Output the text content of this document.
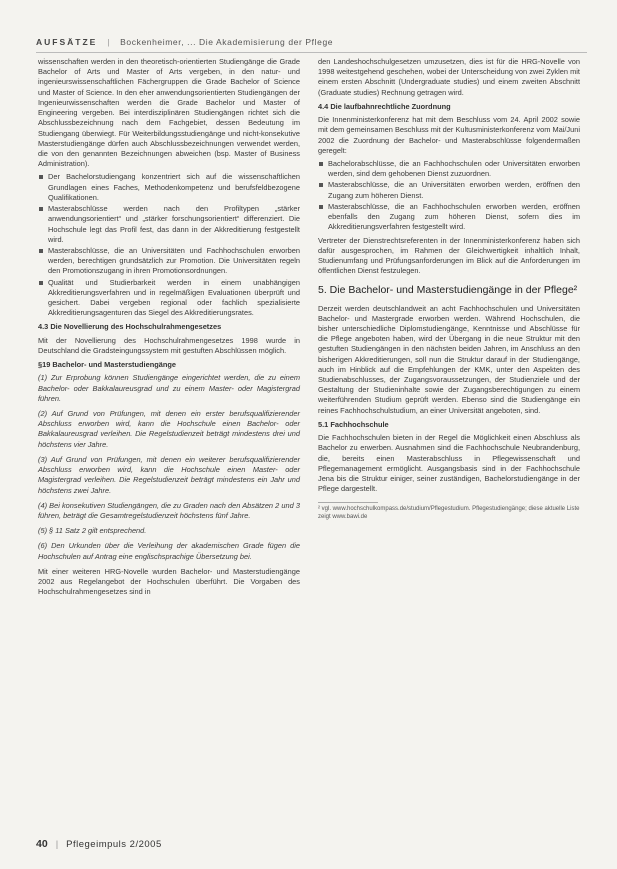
AUFSÄTZE | Bockenheimer, ... Die Akademisierung der Pflege

wissenschaften werden in den theoretisch-orientierten Studiengänge die Grade Bachelor of Arts und Master of Arts vergeben, in den natur- und ingenieurswissenschaftlichen Fächergruppen die Grade Bachelor of Science und Master of Science. In den eher anwendungsorientierten Studiengängen der Ingenieurwissenschaften werden die Grade Bachelor und Master of Engineering vergeben. Bei interdisziplinären Studiengängen richtet sich die Abschlussbezeichnung nach dem Fachgebiet, dessen Bedeutung im Studiengang überwiegt. Für Weiterbildungsstudiengänge und nicht-konsekutive Masterstudiengänge dürfen auch Abschlussbezeichnungen verwendet werden, die von den genannten Bezeichnungen abweichen (bsp. Master of Business Administration).

Der Bachelorstudiengang konzentriert sich auf die wissenschaftlichen Grundlagen eines Faches, Methodenkompetenz und berufsfeldbezogene Qualifikationen.
Masterabschlüsse werden nach den Profiltypen „stärker anwendungsorientiert“ und „stärker forschungsorientiert“ differenziert. Die Hochschule legt das Profil fest, das dann in der Akkreditierung festgestellt wird.
Masterabschlüsse, die an Universitäten und Fachhochschulen erworben werden, berechtigen grundsätzlich zur Promotion. Die Universitäten regeln den Promotionszugang in ihren Promotionsordnungen.
Qualität und Studierbarkeit werden in einem unabhängigen Akkreditierungsverfahren und in regelmäßigen Evaluationen überprüft und gesichert. Dabei vergeben regional oder fachlich spezialisierte Akkreditierungsagenturen das Siegel des Akkreditierungsrates.
4.3 Die Novellierung des Hochschulrahmengesetzes

Mit der Novellierung des Hochschulrahmengesetzes 1998 wurde in Deutschland die Gradsteingungssystem mit gestuften Abschlüssen möglich.

§19 Bachelor- und Masterstudiengänge

(1) Zur Erprobung können Studiengänge eingerichtet werden, die zu einem Bachelor- oder Bakkalaureusgrad und zu einem Master- oder Magistergrad führen.

(2) Auf Grund von Prüfungen, mit denen ein erster berufsqualifizierender Abschluss erworben wird, kann die Hochschule einen Bachelor- oder Bakkalaureusgrad verleihen. Die Regelstudienzeit beträgt mindestens drei und höchstens vier Jahre.

(3) Auf Grund von Prüfungen, mit denen ein weiterer berufsqualifizierender Abschluss erworben wird, kann die Hochschule einen Master- oder Magistergrad verleihen. Die Regelstudienzeit beträgt mindestens ein Jahr und höchstens zwei Jahre.

(4) Bei konsekutiven Studiengängen, die zu Graden nach den Absätzen 2 und 3 führen, beträgt die Gesamtregelstudienzeit höchstens fünf Jahre.

(5) § 11 Satz 2 gilt entsprechend.

(6) Den Urkunden über die Verleihung der akademischen Grade fügen die Hochschulen auf Antrag eine englischsprachige Übersetzung bei.

Mit einer weiteren HRG-Novelle wurden Bachelor- und Masterstudiengänge 2002 aus Regelangebot der Hochschulen überführt. Die Vorgaben des Hochschulrahmengesetzes sind in

den Landeshochschulgesetzen umzusetzen, dies ist für die HRG-Novelle von 1998 weitestgehend geschehen, wobei der Unterscheidung von zwei Zyklen mit einem ersten Abschnitt (Undergraduate studies) und einem zweiten Abschnitt (Graduate studies) Rechnung getragen wird.

4.4 Die laufbahnrechtliche Zuordnung

Die Innenministerkonferenz hat mit dem Beschluss vom 24. April 2002 sowie mit dem gemeinsamen Beschluss mit der Kultusministerkonferenz vom Mai/Juni 2002 die Zuordnung der Bachelor- und Masterabschlüsse folgendermaßen geregelt:

Bachelorabschlüsse, die an Fachhochschulen oder Universitäten erworben werden, sind dem gehobenen Dienst zuzuordnen.
Masterabschlüsse, die an Universitäten erworben werden, eröffnen den Zugang zum höheren Dienst.
Masterabschlüsse, die an Fachhochschulen erworben werden, eröffnen ebenfalls den Zugang zum höheren Dienst, sofern dies im Akkreditierungsverfahren festgestellt wird.

Vertreter der Dienstrechtsreferenten in der Innenministerkonferenz haben sich dafür ausgesprochen, im Rahmen der Gleichwertigkeit inhaltlich Inhalt, Studienumfang und Prüfungsanforderungen im Blick auf die Anforderungen im öffentlichen Dienst festzulegen.

5. Die Bachelor- und Masterstudiengänge in der Pflege²

Derzeit werden deutschlandweit an acht Fachhochschulen und Universitäten Bachelor- und Mastergrade erworben werden. Während Hochschulen, die bisher unterschiedliche Diplomstudiengänge, Kenntnisse und Abschlüsse für die Pflege angeboten haben, wird der Übergang in die neue Struktur mit den gestuften Studiengängen in den nächsten beiden Jahren, im Anschluss an den bisherigen Akkreditierungen, soll nun die Struktur darauf in der Studiengänge, auch im Hinblick auf die Empfehlungen der KMK, unter den Aspekten des Studienabschlusses, der Zugangsvoraussetzungen, der Studienziele und der Gestaltung der Studieninhalte sowie der Zugangsberechtigungen zu einem weiterführenden Studium geprüft werden. Ebenso sind die Studiengänge ein reines Fachhochschulstudium, an einer Universität angeboten, sind.

5.1 Fachhochschule

Die Fachhochschulen bieten in der Regel die Möglichkeit einen Abschluss als Bachelor zu erwerben. Ausnahmen sind die Fachhochschule Neubrandenburg, die, bereits einen Masterabschluss in Pflegewissenschaft und Pflegemanagement ermöglicht. Ausgangsbasis sind in der Fachhochschule Jena bis die Struktur einiger, seiner zuständigen, Bachelorstudiengänge in der Pflege dargestellt.

² vgl. www.hochschulkompass.de/studium/Pflegestudium. Pflegestudiengänge; diese aktuelle Liste zeigt www.bawi.de
40 | Pflegeimpuls 2/2005
